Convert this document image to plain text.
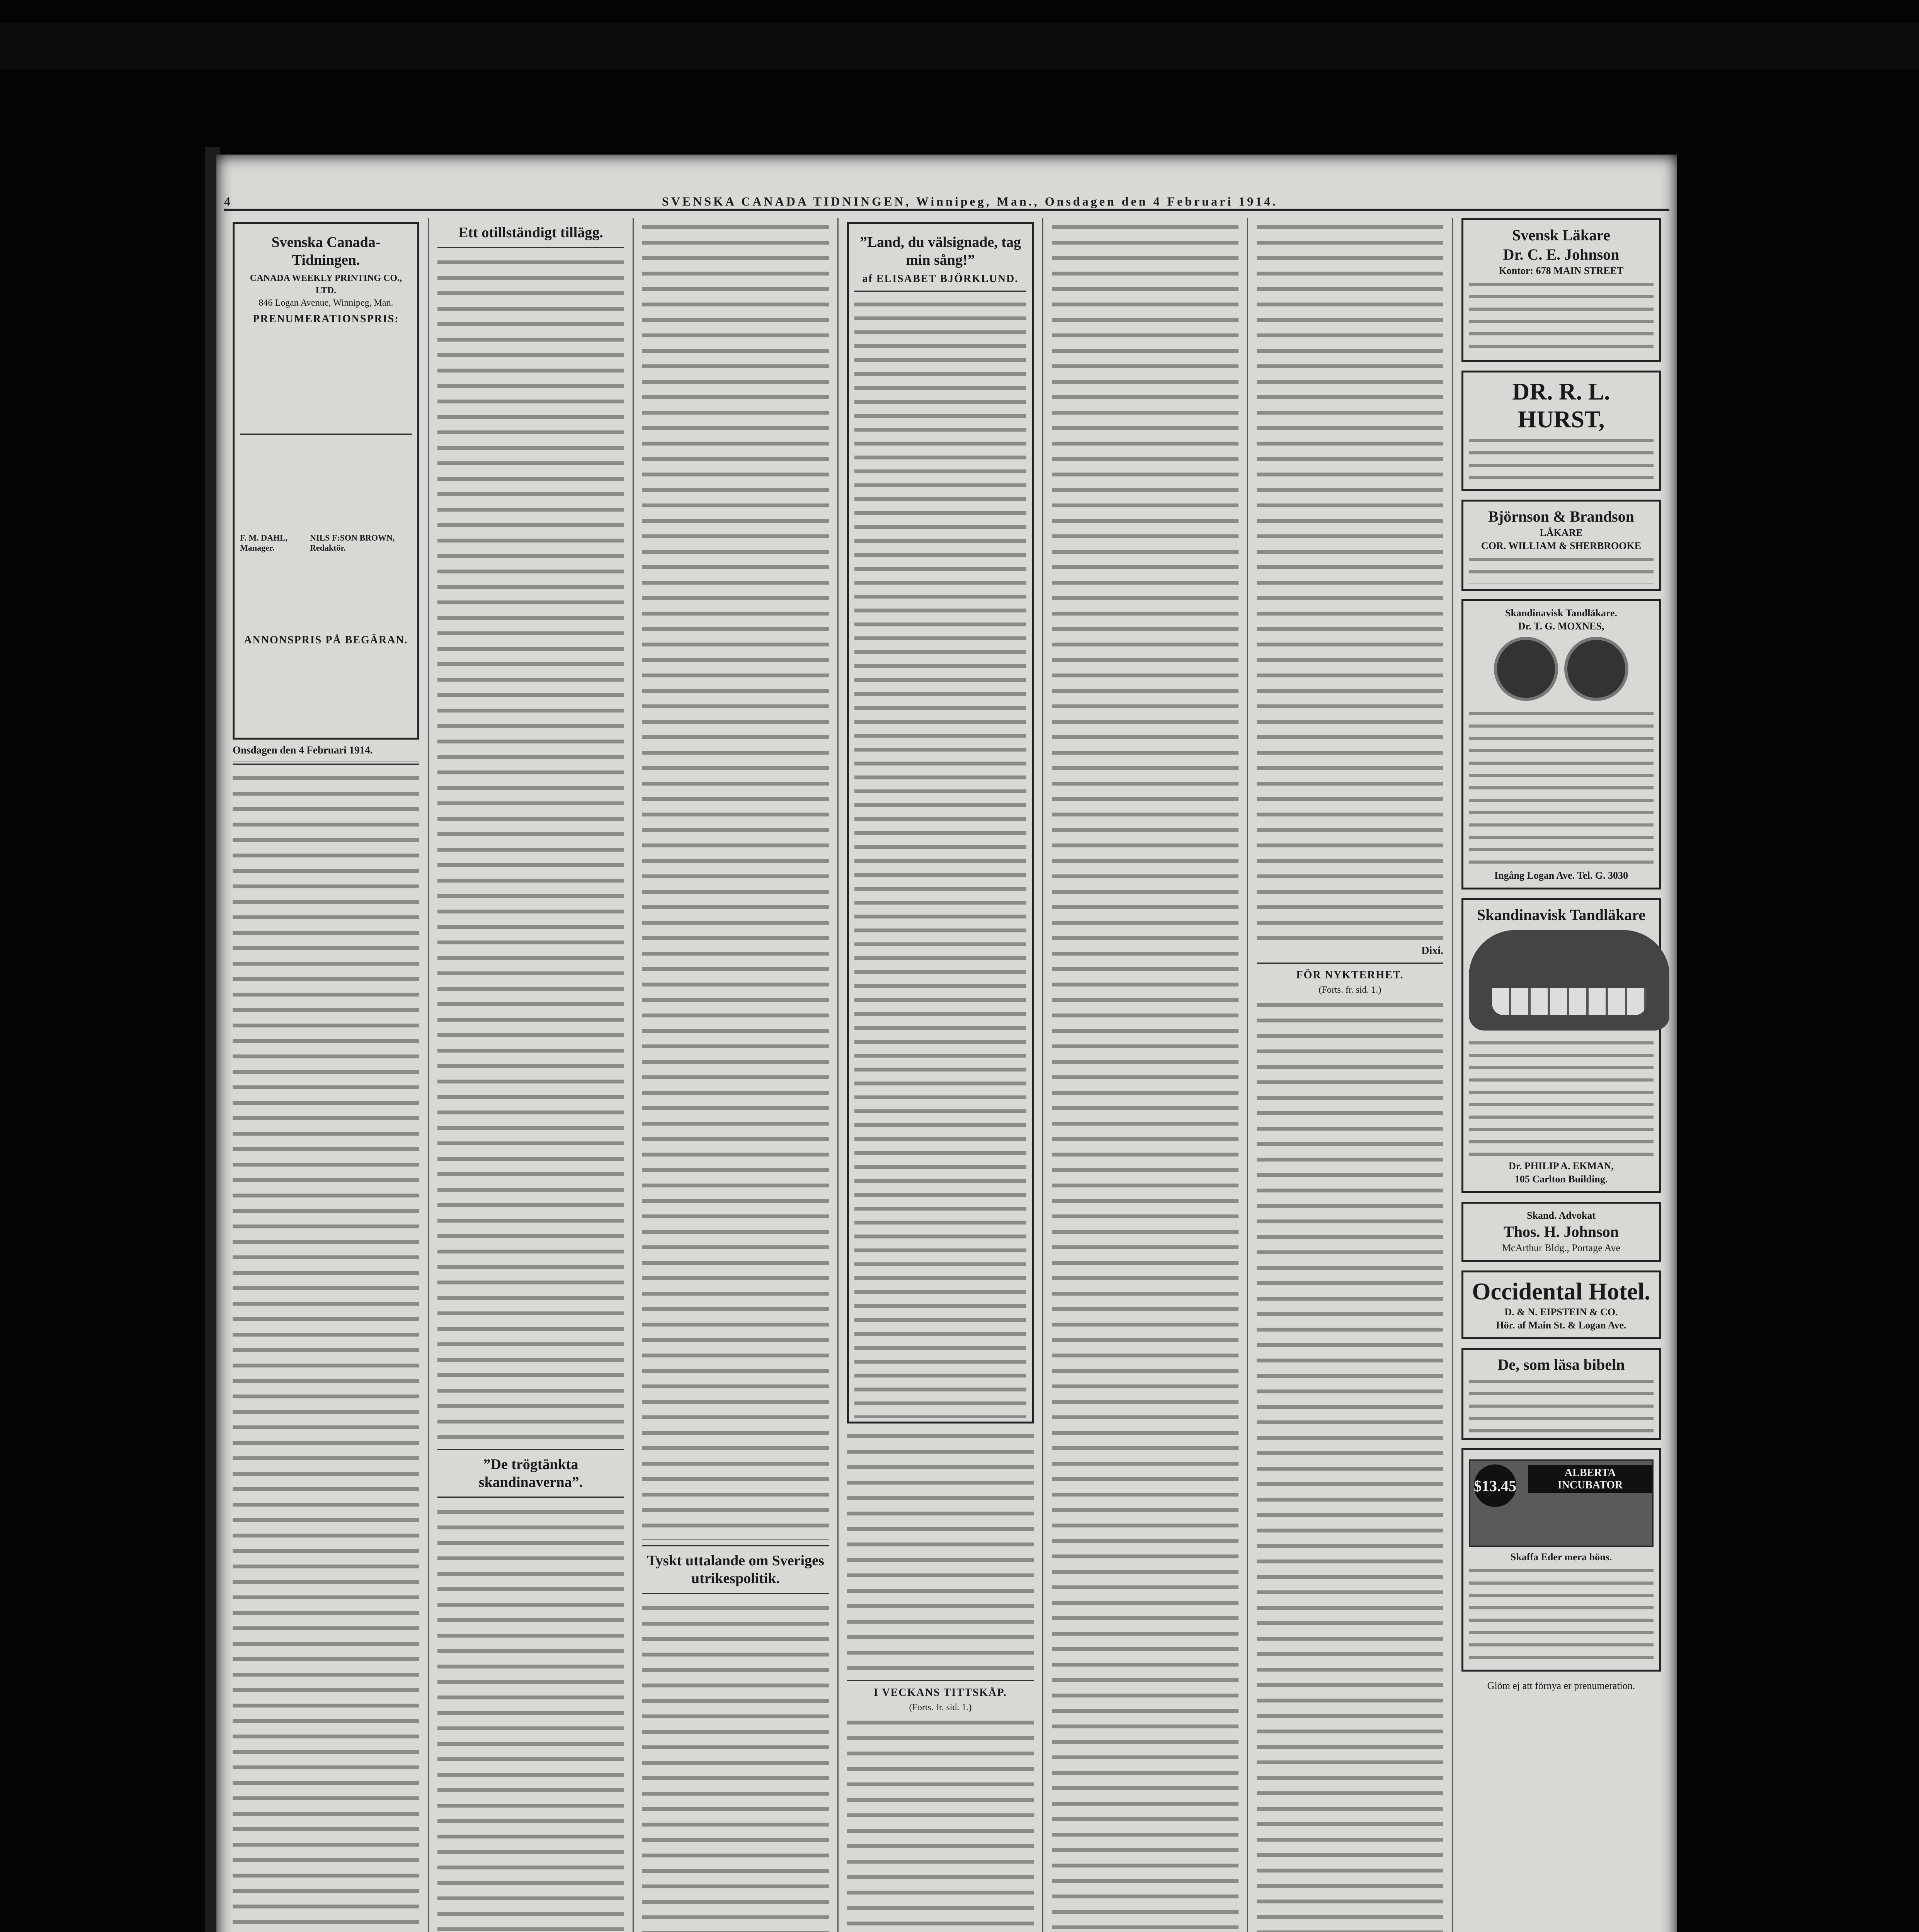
4	SVENSKA CANADA TIDNINGEN, Winnipeg, Man., Onsdagen den 4 Februari 1914.
Svenska Canada-Tidningen.
CANADA WEEKLY PRINTING CO., LTD.
846 Logan Avenue, Winnipeg, Man.
PRENUMERATIONSPRIS:
F. M. DAHL, Manager.
NILS F:SON BROWN, Redaktör.
ANNONSPRIS PÅ BEGÄRAN.
Onsdagen den 4 Februari 1914.
Ett otillständigt tillägg.
”De trögtänkta skandinaverna”.
Tyskt uttalande om Sveriges utrikespolitik.
”Land, du välsignade, tag min sång!”
af ELISABET BJÖRKLUND.
I VECKANS TITTSKÅP.
(Forts. fr. sid. 1.)
Dixi.
FÖR NYKTERHET.
(Forts. fr. sid. 1.)
Svensk Läkare
Dr. C. E. Johnson
Kontor: 678 MAIN STREET
DR. R. L. HURST,
Björnson & Brandson
LÄKARE
COR. WILLIAM & SHERBROOKE
Skandinavisk Tandläkare.
Dr. T. G. MOXNES,
Ingång Logan Ave. Tel. G. 3030
Skandinavisk Tandläkare
Dr. PHILIP A. EKMAN,
105 Carlton Building.
Skand. Advokat
Thos. H. Johnson
McArthur Bldg., Portage Ave
Occidental Hotel.
D. & N. EIPSTEIN & CO.
Hör. af Main St. & Logan Ave.
De, som läsa bibeln
$13.45
ALBERTA INCUBATOR
Skaffa Eder mera höns.
Glöm ej att förnya er prenumeration.
